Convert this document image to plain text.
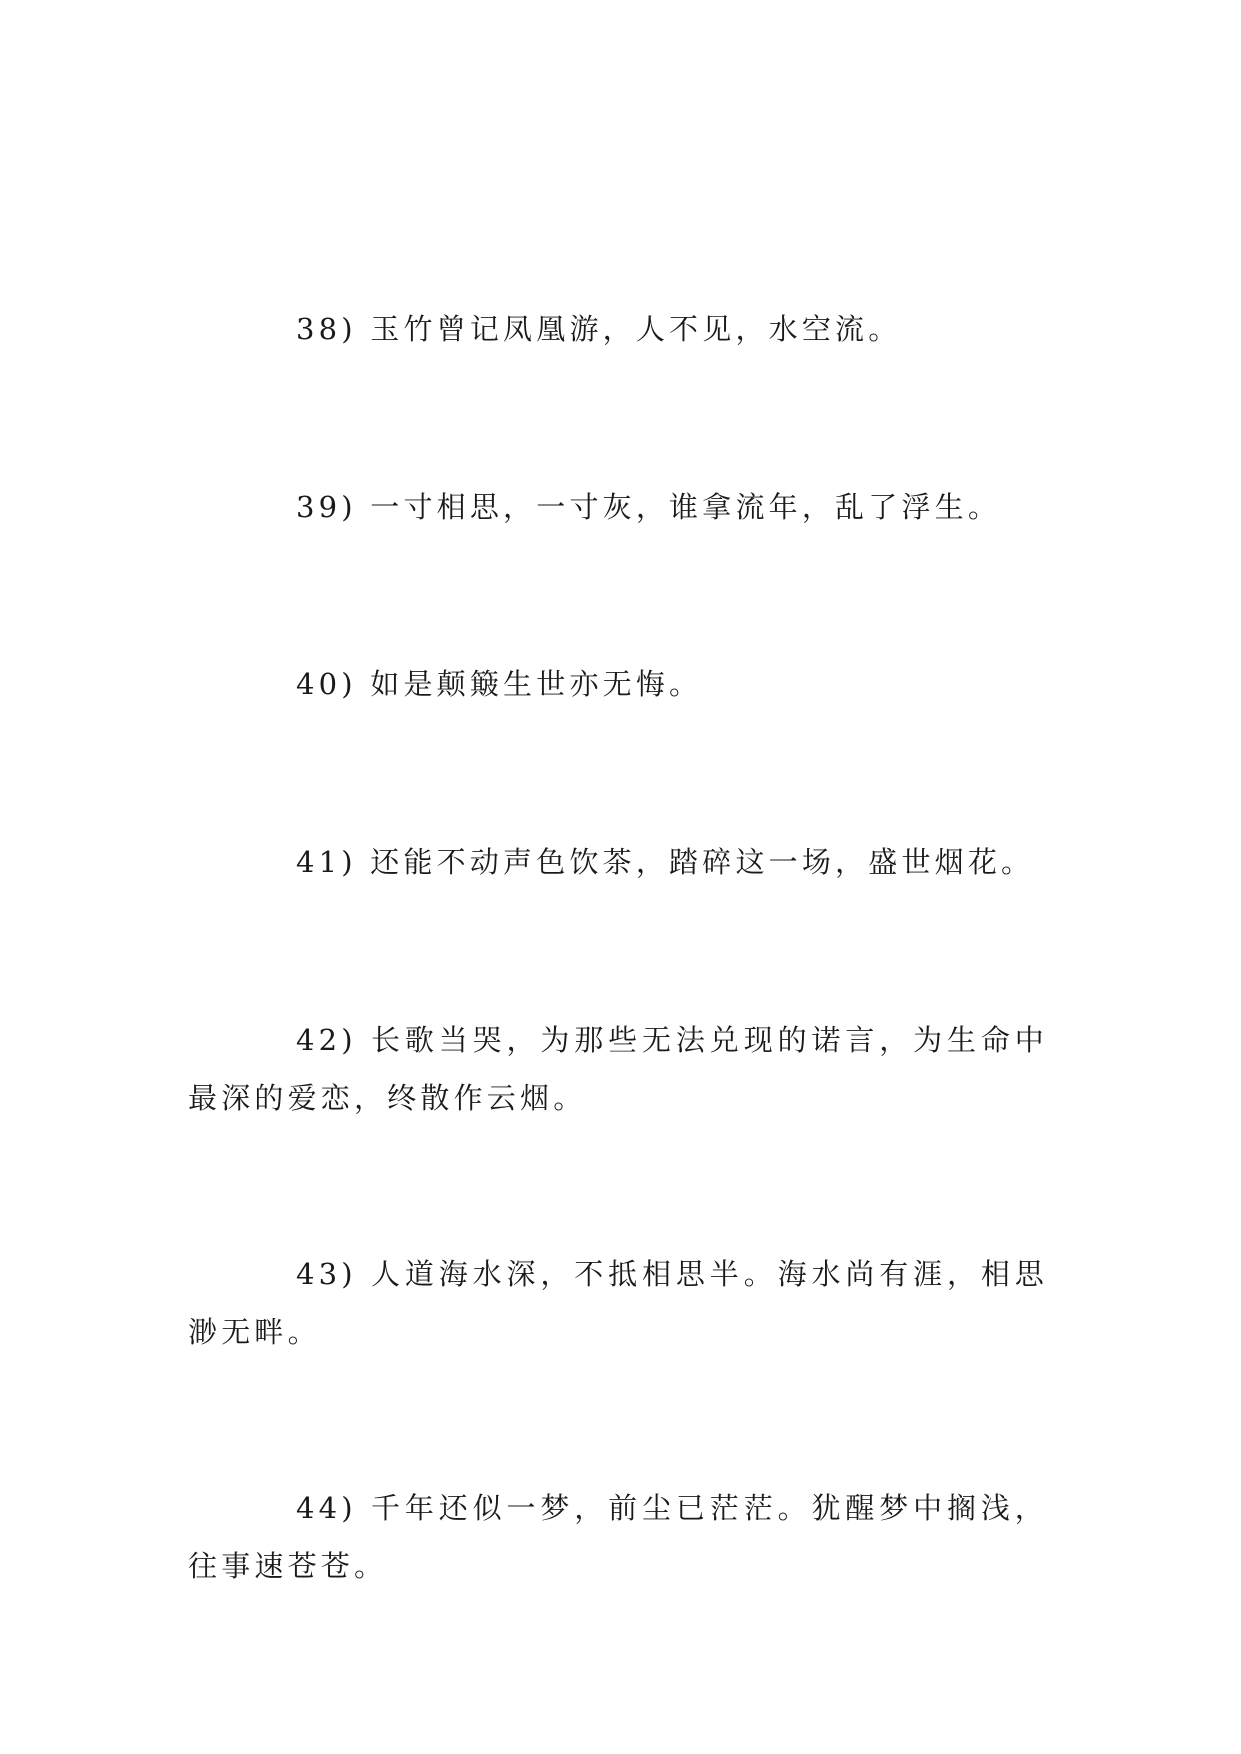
38) 玉竹曾记凤凰游，人不见，水空流。

39) 一寸相思，一寸灰，谁拿流年，乱了浮生。

40) 如是颠簸生世亦无悔。

41) 还能不动声色饮茶，踏碎这一场，盛世烟花。

42) 长歌当哭，为那些无法兑现的诺言，为生命中最深的爱恋，终散作云烟。

43) 人道海水深，不抵相思半。海水尚有涯，相思渺无畔。

44) 千年还似一梦，前尘已茫茫。犹醒梦中搁浅，往事速苍苍。
